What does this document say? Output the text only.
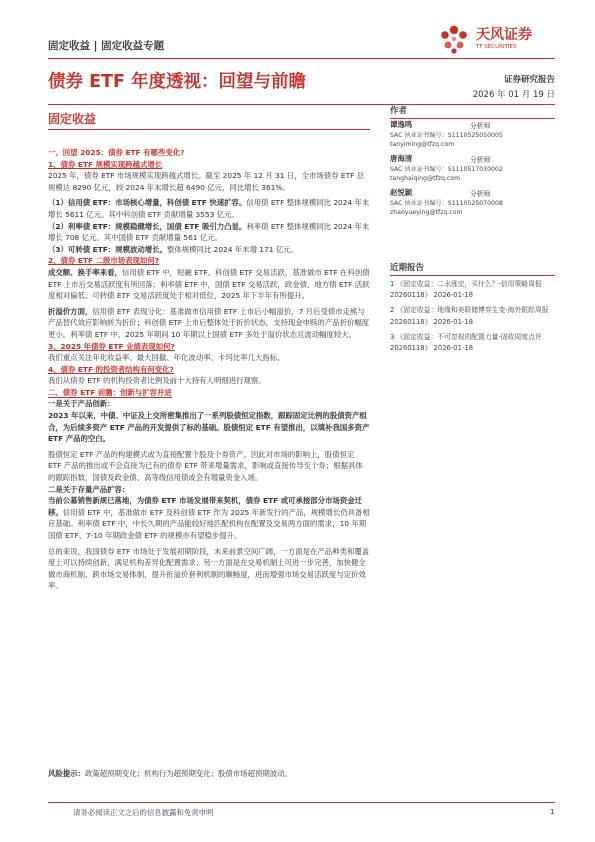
固定收益 | 固定收益专题
天风证券
TF SECURITIES
债券 ETF 年度透视：回望与前瞻	证券研究报告
2026 年 01 月 19 日
固定收益

一、回望 2025：债券 ETF 有哪些变化?

1、债券 ETF 规模实现跨越式增长

2025 年，债券 ETF 市场规模实现跨越式增长。截至 2025 年 12 月 31 日，全市场债券 ETF 总规模达 8290 亿元，较 2024 年末增长超 6490 亿元，同比增长 361%。

（1）信用债 ETF：市场核心增量，科创债 ETF 快速扩容。信用债 ETF 整体规模同比 2024 年末增长 5611 亿元。其中科创债 ETF 贡献增量 3553 亿元。

（2）利率债 ETF：规模稳健增长，国债 ETF 吸引力凸显。利率债 ETF 整体规模同比 2024 年末增长 708 亿元。其中国债 ETF 贡献增量 561 亿元。

（3）可转债 ETF：规模波动增长。整体规模同比 2024 年末增 171 亿元。

2、债券 ETF 二级市场表现如何?

成交额、换手率来看，信用债 ETF 中，短融 ETF、科创债 ETF 交易活跃，基准做市 ETF 在科创债 ETF 上市后交易活跃度有所回落；利率债 ETF 中，国债 ETF 交易活跃，政金债、地方债 ETF 活跃度相对偏低。可转债 ETF 交易活跃度处于相对低位，2025 年下半年有所提升。

折溢价方面，信用债 ETF 表现分化：基准做市信用债 ETF 上市后小幅溢价，7 月后受债市走熊与产品替代效应影响转为折价；科创债 ETF 上市后整体处于折价状态，支持现金申赎的产品折价幅度更小。利率债 ETF 中，2025 年期间 10 年期以上国债 ETF 多处于溢价状态且波动幅度较大。

3、2025 年债券 ETF 业绩表现如何?

我们重点关注年化收益率、最大回撤、年化波动率、卡玛比率几大指标。

4、债券 ETF 的投资者结构有何变化?

我们从债券 ETF 的机构投资者比例及前十大持有人明细进行观察。

二、债券 ETF 前瞻：创新与扩容并进

一是关于产品创新：

2023 年以来，中债、中证及上交所密集推出了一系列股债恒定指数，跟踪固定比例的股债资产组合，为后续多资产 ETF 产品的开发提供了标的基础。股债恒定 ETF 有望推出，以填补我国多资产 ETF 产品的空白。

股债恒定 ETF 产品的构建模式或为直接配置个股及个券资产。因此对市场的影响上，股债恒定 ETF 产品的推出或不会直接为已有的债券 ETF 带来增量需求，影响或直接传导至个券；根据具体的跟踪指数，国债及政金债、高等级信用债或会有增量资金入场。

二是关于存量产品扩容：

当前公募销售新规已落地，为债券 ETF 市场发展带来契机，债券 ETF 或可承接部分市场资金迁移。信用债 ETF 中，基准做市 ETF 及科创债 ETF 作为 2025 年新发行的产品，规模增长仍具备相应基础。利率债 ETF 中，中长久期的产品能较好地匹配机构在配置及交易两方面的需求，10 年期国债 ETF、7-10 年期政金债 ETF 的规模亦有望稳步提升。

总的来说，我国债券 ETF 市场处于发展初期阶段，未来前景空间广阔，一方面是在产品种类和覆盖度上可以持续创新，满足机构差异化配置需求；另一方面是在交易机制上可进一步完善，加快健全做市商机制、跨市场交易体制，提升折溢价套利机制的顺畅度，进而增强市场交易活跃度与定价效率。

风险提示：政策超预期变化；机构行为超预期变化；股债市场超预期波动。
作者
谭逸鸣	分析师
SAC 执业证书编号：S1110525050005
tanyiming@tfzq.com
唐海清	分析师
SAC 执业证书编号：S1110517030002
tanghaiqing@tfzq.com
赵悦颖	分析师
SAC 执业证书编号：S1110525070008
zhaoyueying@tfzq.com
近期报告

1 《固定收益：二永涨完，买什么？-信用策略周报 20260118》 2026-01-18

2 《固定收益：地缘和美联储博弈生变-海外跟踪周报 20260118》 2026-01-18

3 《固定收益：不可忽视的配置力量-固收周度点评 20260118》 2026-01-18

请务必阅读正文之后的信息披露和免责申明	1
